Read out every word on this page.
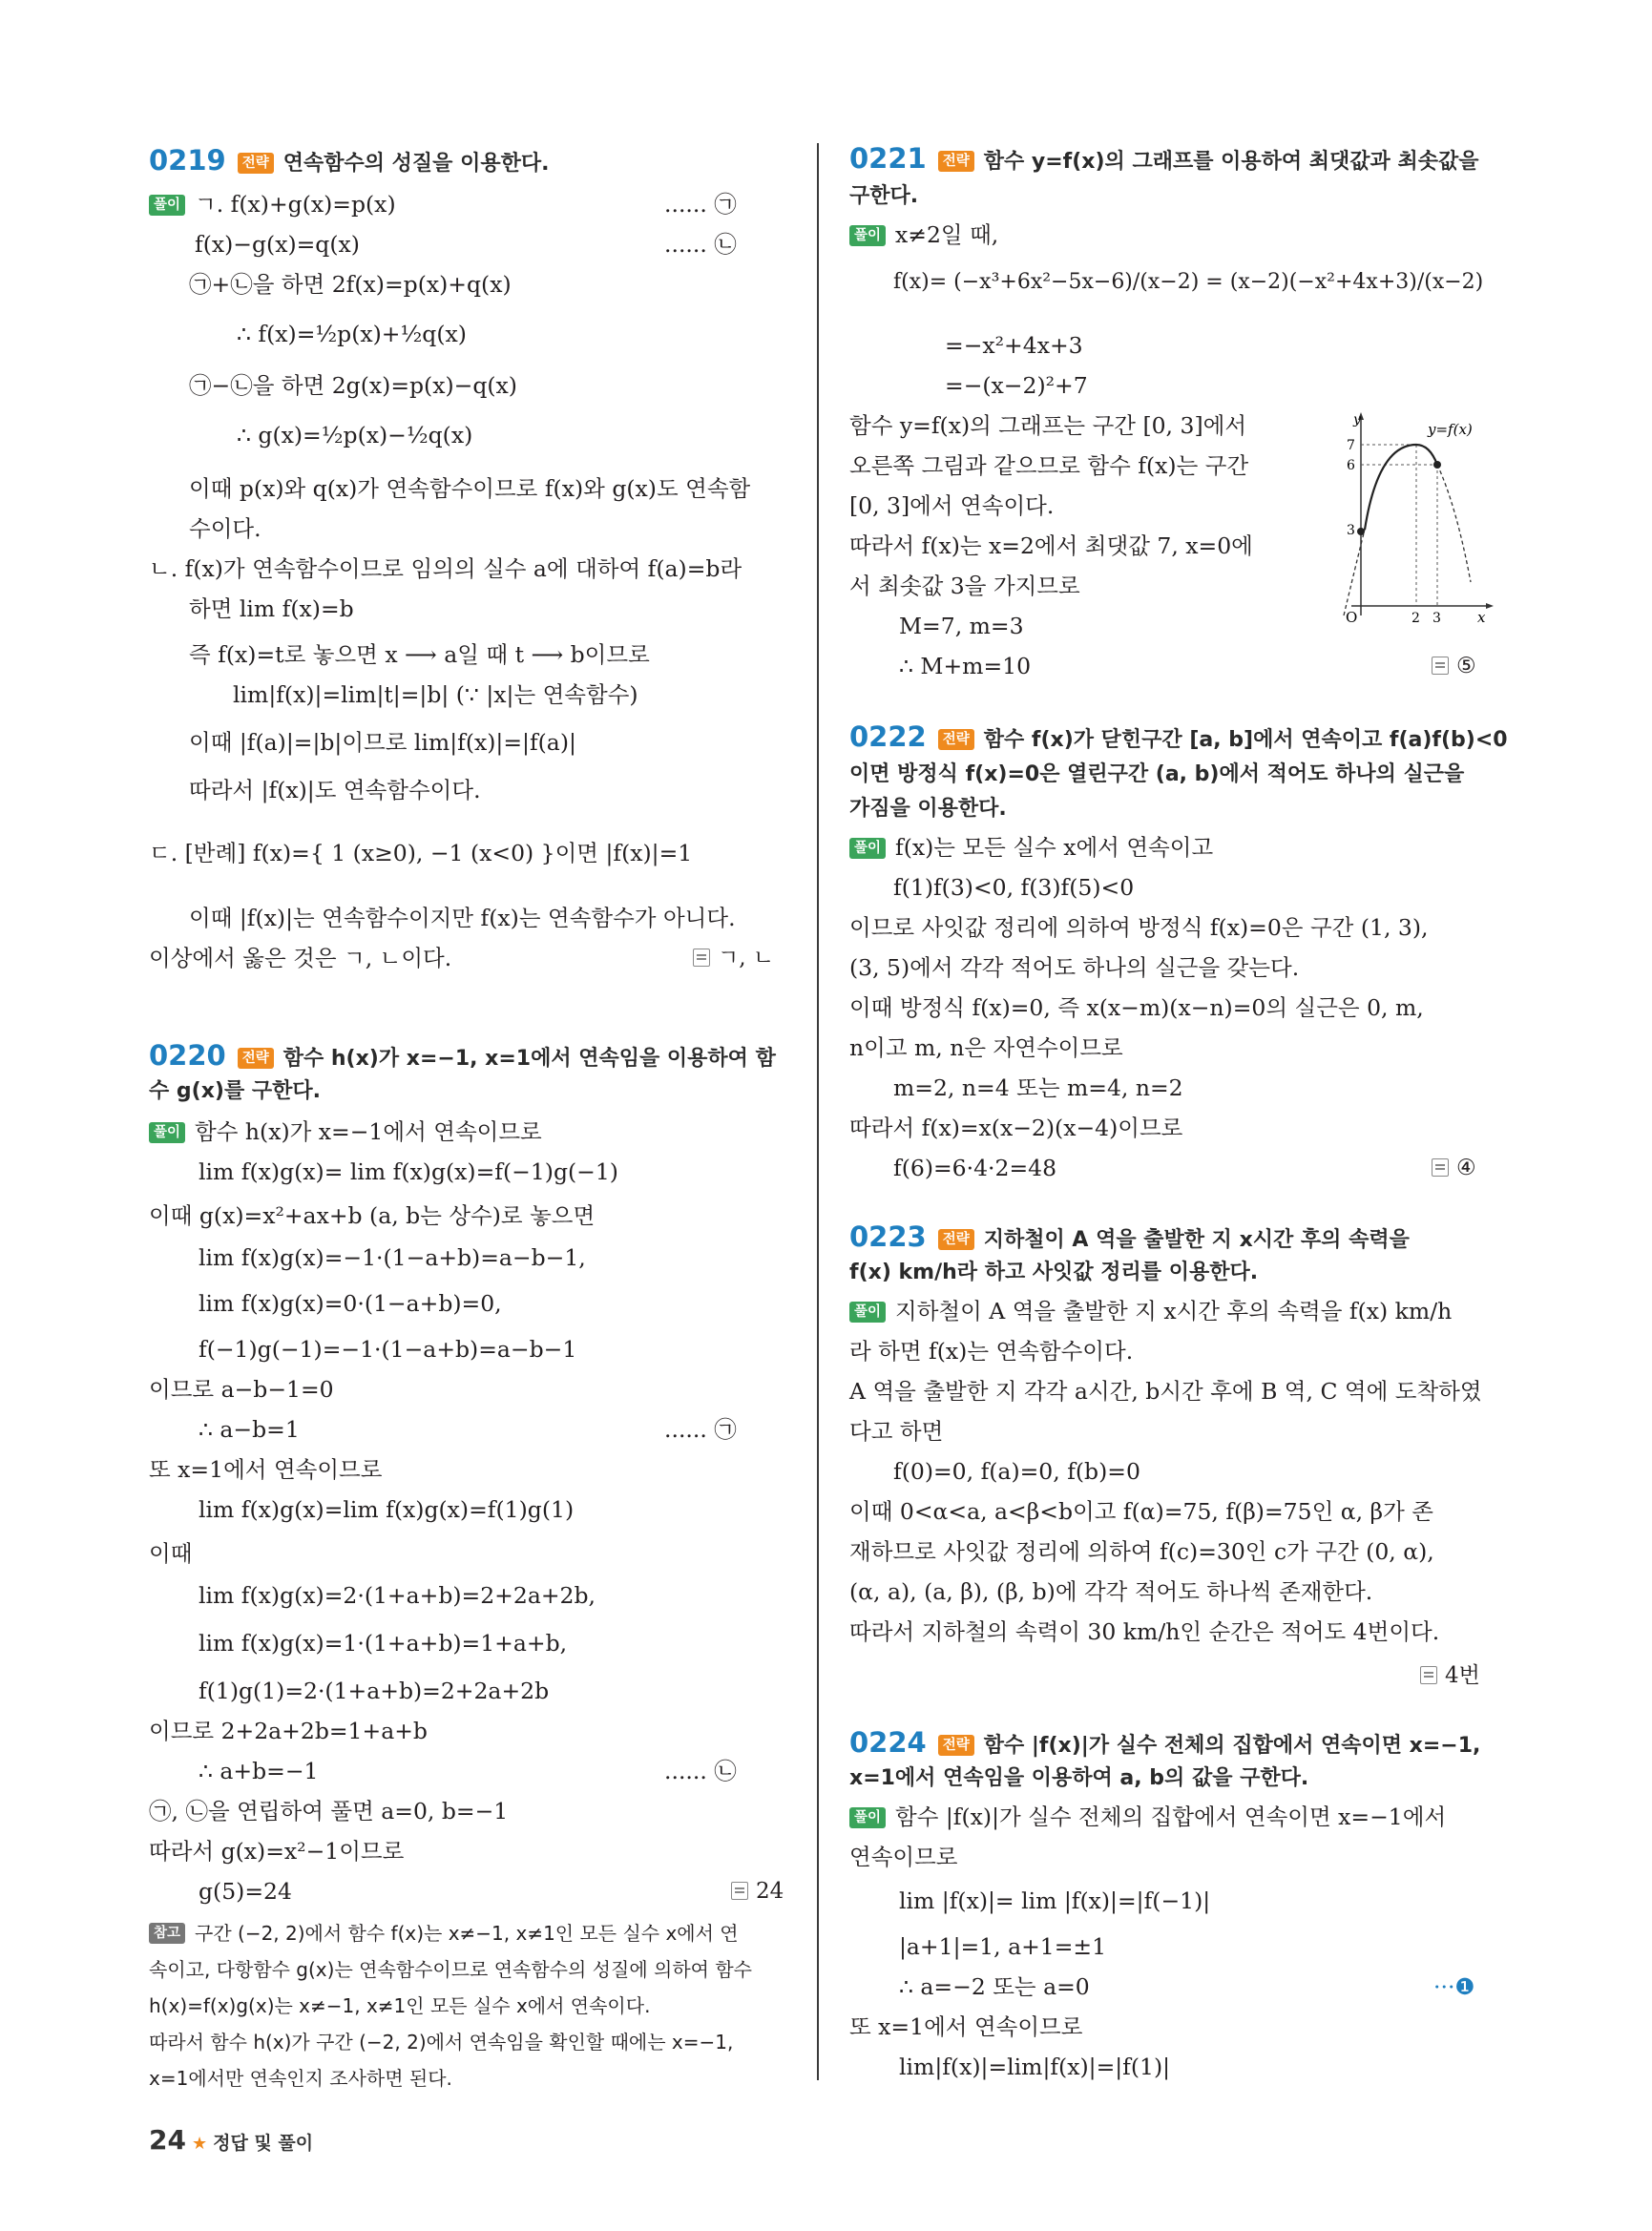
0219 전략 연속함수의 성질을 이용한다.
풀이 ㄱ. f(x)+g(x)=p(x)	...... ㉠
f(x)−g(x)=q(x)	...... ㉡
㉠+㉡을 하면 2f(x)=p(x)+q(x)
∴ f(x)=½p(x)+½q(x)
㉠−㉡을 하면 2g(x)=p(x)−q(x)
∴ g(x)=½p(x)−½q(x)
이때 p(x)와 q(x)가 연속함수이므로 f(x)와 g(x)도 연속함
수이다.
ㄴ. f(x)가 연속함수이므로 임의의 실수 a에 대하여 f(a)=b라
하면 lim f(x)=b
즉 f(x)=t로 놓으면 x ⟶ a일 때 t ⟶ b이므로
lim|f(x)|=lim|t|=|b| (∵ |x|는 연속함수)
이때 |f(a)|=|b|이므로 lim|f(x)|=|f(a)|
따라서 |f(x)|도 연속함수이다.
ㄷ. [반례] f(x)={ 1 (x≥0), −1 (x<0) }이면 |f(x)|=1
이때 |f(x)|는 연속함수이지만 f(x)는 연속함수가 아니다.
이상에서 옳은 것은 ㄱ, ㄴ이다.	ㄱ, ㄴ
0220 전략 함수 h(x)가 x=−1, x=1에서 연속임을 이용하여 함
수 g(x)를 구한다.
풀이 함수 h(x)가 x=−1에서 연속이므로
lim f(x)g(x)= lim f(x)g(x)=f(−1)g(−1)
이때 g(x)=x²+ax+b (a, b는 상수)로 놓으면
lim f(x)g(x)=−1·(1−a+b)=a−b−1,
lim f(x)g(x)=0·(1−a+b)=0,
f(−1)g(−1)=−1·(1−a+b)=a−b−1
이므로 a−b−1=0
∴ a−b=1	...... ㉠
또 x=1에서 연속이므로
lim f(x)g(x)=lim f(x)g(x)=f(1)g(1)
이때
lim f(x)g(x)=2·(1+a+b)=2+2a+2b,
lim f(x)g(x)=1·(1+a+b)=1+a+b,
f(1)g(1)=2·(1+a+b)=2+2a+2b
이므로 2+2a+2b=1+a+b
∴ a+b=−1	...... ㉡
㉠, ㉡을 연립하여 풀면 a=0, b=−1
따라서 g(x)=x²−1이므로
g(5)=24	24
참고 구간 (−2, 2)에서 함수 f(x)는 x≠−1, x≠1인 모든 실수 x에서 연
속이고, 다항함수 g(x)는 연속함수이므로 연속함수의 성질에 의하여 함수
h(x)=f(x)g(x)는 x≠−1, x≠1인 모든 실수 x에서 연속이다.
따라서 함수 h(x)가 구간 (−2, 2)에서 연속임을 확인할 때에는 x=−1,
x=1에서만 연속인지 조사하면 된다.
0221 전략 함수 y=f(x)의 그래프를 이용하여 최댓값과 최솟값을
구한다.
풀이 x≠2일 때,
f(x)= (−x³+6x²−5x−6)/(x−2) = (x−2)(−x²+4x+3)/(x−2)
=−x²+4x+3
=−(x−2)²+7
함수 y=f(x)의 그래프는 구간 [0, 3]에서
오른쪽 그림과 같으므로 함수 f(x)는 구간
[0, 3]에서 연속이다.
따라서 f(x)는 x=2에서 최댓값 7, x=0에
서 최솟값 3을 가지므로
M=7, m=3
∴ M+m=10	⑤
0222 전략 함수 f(x)가 닫힌구간 [a, b]에서 연속이고 f(a)f(b)<0
이면 방정식 f(x)=0은 열린구간 (a, b)에서 적어도 하나의 실근을
가짐을 이용한다.
풀이 f(x)는 모든 실수 x에서 연속이고
f(1)f(3)<0, f(3)f(5)<0
이므로 사잇값 정리에 의하여 방정식 f(x)=0은 구간 (1, 3),
(3, 5)에서 각각 적어도 하나의 실근을 갖는다.
이때 방정식 f(x)=0, 즉 x(x−m)(x−n)=0의 실근은 0, m,
n이고 m, n은 자연수이므로
m=2, n=4 또는 m=4, n=2
따라서 f(x)=x(x−2)(x−4)이므로
f(6)=6·4·2=48	④
0223 전략 지하철이 A 역을 출발한 지 x시간 후의 속력을
f(x) km/h라 하고 사잇값 정리를 이용한다.
풀이 지하철이 A 역을 출발한 지 x시간 후의 속력을 f(x) km/h
라 하면 f(x)는 연속함수이다.
A 역을 출발한 지 각각 a시간, b시간 후에 B 역, C 역에 도착하였
다고 하면
f(0)=0, f(a)=0, f(b)=0
이때 0<α<a, a<β<b이고 f(α)=75, f(β)=75인 α, β가 존
재하므로 사잇값 정리에 의하여 f(c)=30인 c가 구간 (0, α),
(α, a), (a, β), (β, b)에 각각 적어도 하나씩 존재한다.
따라서 지하철의 속력이 30 km/h인 순간은 적어도 4번이다.
4번
0224 전략 함수 |f(x)|가 실수 전체의 집합에서 연속이면 x=−1,
x=1에서 연속임을 이용하여 a, b의 값을 구한다.
풀이 함수 |f(x)|가 실수 전체의 집합에서 연속이면 x=−1에서
연속이므로
lim |f(x)|= lim |f(x)|=|f(−1)|
|a+1|=1, a+1=±1
∴ a=−2 또는 a=0	···❶
또 x=1에서 연속이므로
lim|f(x)|=lim|f(x)|=|f(1)|
y
y=f(x)
7
6
3
O	2 3	x
24 ★ 정답 및 풀이
